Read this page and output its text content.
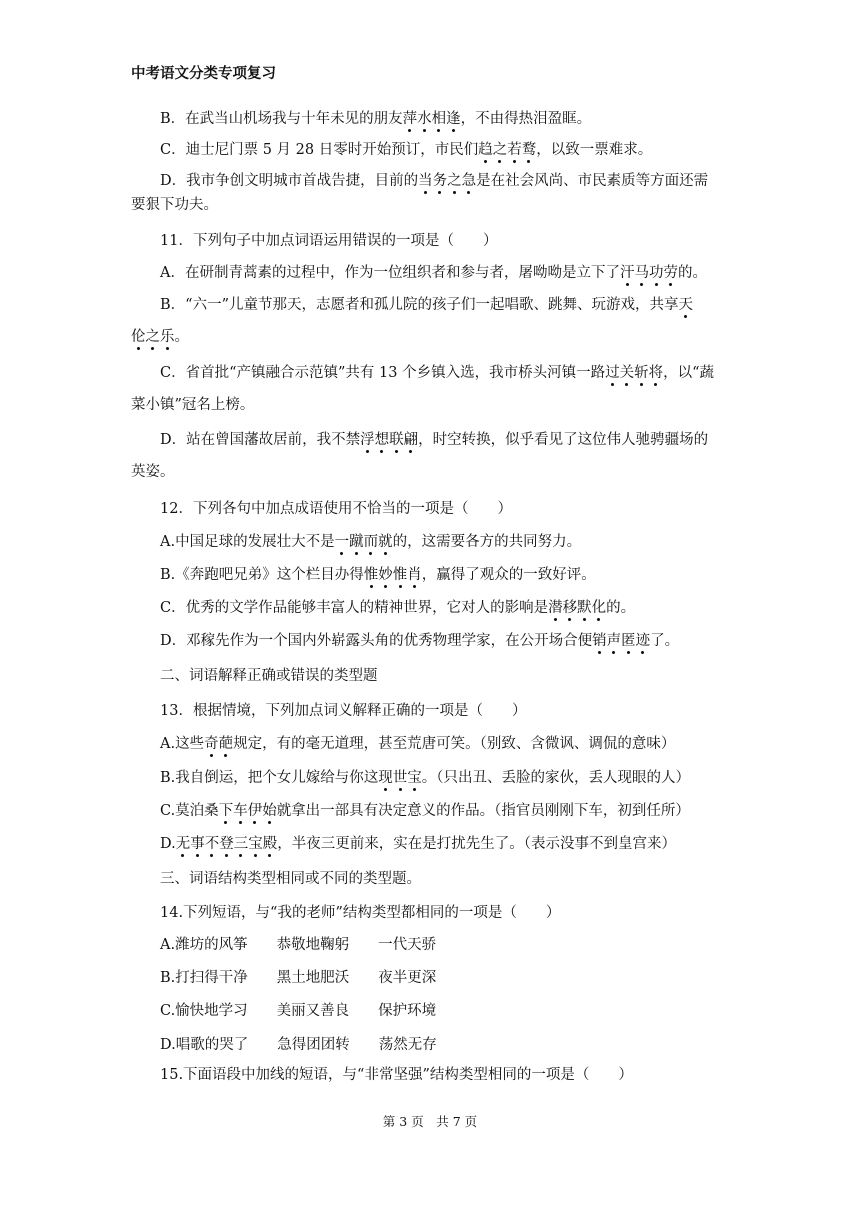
中考语文分类专项复习
B．在武当山机场我与十年未见的朋友萍水相逢，不由得热泪盈眶。
C．迪士尼门票 5 月 28 日零时开始预订，市民们趋之若鹜，以致一票难求。
D．我市争创文明城市首战告捷，目前的当务之急是在社会风尚、市民素质等方面还需
要狠下功夫。
11．下列句子中加点词语运用错误的一项是（　　）
A．在研制青蒿素的过程中，作为一位组织者和参与者，屠呦呦是立下了汗马功劳的。
B．“六一”儿童节那天，志愿者和孤儿院的孩子们一起唱歌、跳舞、玩游戏，共享天
伦之乐。
C．省首批“产镇融合示范镇”共有 13 个乡镇入选，我市桥头河镇一路过关斩将，以“蔬
菜小镇”冠名上榜。
D．站在曾国藩故居前，我不禁浮想联翩，时空转换，似乎看见了这位伟人驰骋疆场的
英姿。
12．下列各句中加点成语使用不恰当的一项是（　　）
A.中国足球的发展壮大不是一蹴而就的，这需要各方的共同努力。
B.《奔跑吧兄弟》这个栏目办得惟妙惟肖，赢得了观众的一致好评。
C．优秀的文学作品能够丰富人的精神世界，它对人的影响是潜移默化的。
D．邓稼先作为一个国内外崭露头角的优秀物理学家，在公开场合便销声匿迹了。
二、词语解释正确或错误的类型题
13．根据情境，下列加点词义解释正确的一项是（　　）
A.这些奇葩规定，有的毫无道理，甚至荒唐可笑。（别致、含微讽、调侃的意味）
B.我自倒运，把个女儿嫁给与你这现世宝。（只出丑、丢脸的家伙，丢人现眼的人）
C.莫泊桑下车伊始就拿出一部具有决定意义的作品。（指官员刚刚下车，初到任所）
D.无事不登三宝殿，半夜三更前来，实在是打扰先生了。（表示没事不到皇宫来）
三、词语结构类型相同或不同的类型题。
14.下列短语，与“我的老师”结构类型都相同的一项是（　　）
A.潍坊的风筝　　恭敬地鞠躬　　一代天骄
B.打扫得干净　　黑土地肥沃　　夜半更深
C.愉快地学习　　美丽又善良　　保护环境
D.唱歌的哭了　　急得团团转　　荡然无存
15.下面语段中加线的短语，与“非常坚强”结构类型相同的一项是（　　）
第 3 页　共 7 页
